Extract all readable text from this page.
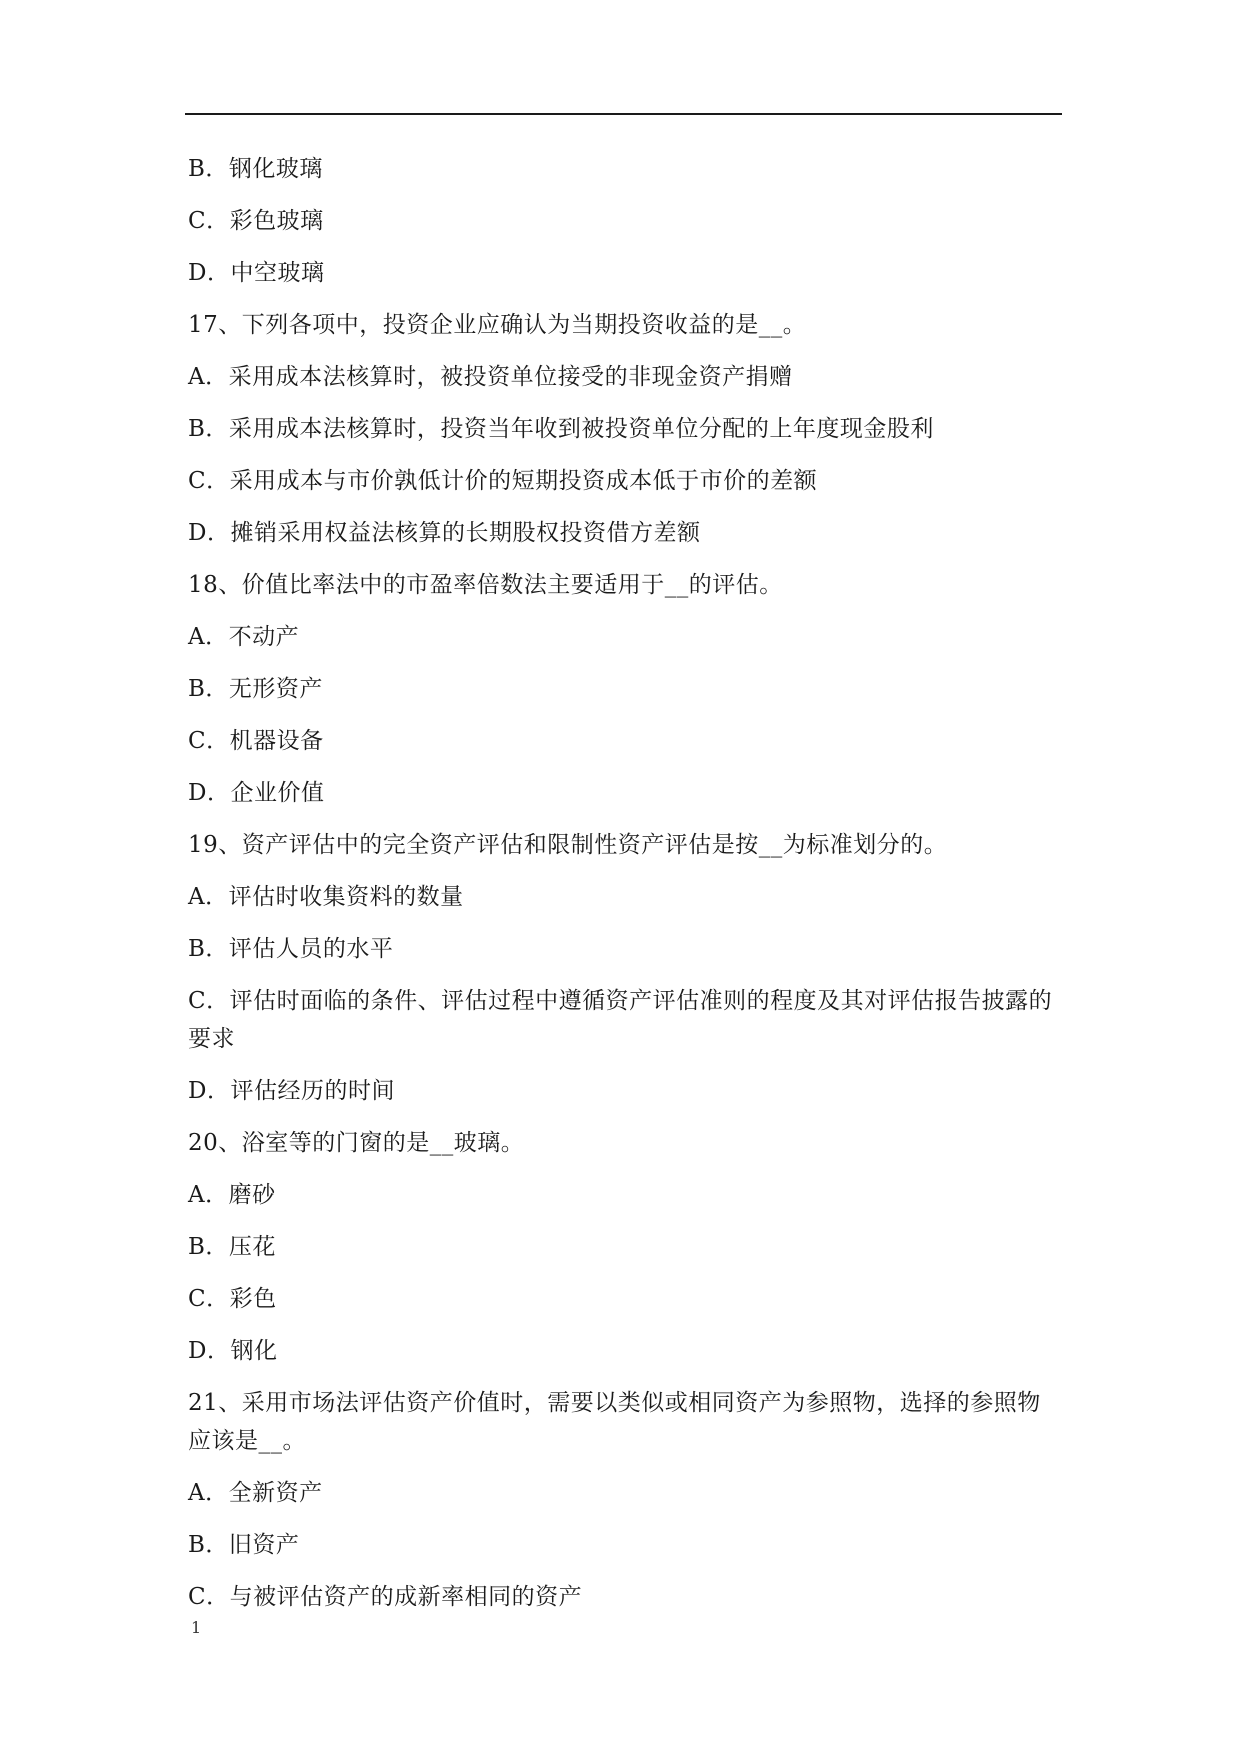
B．钢化玻璃
C．彩色玻璃
D．中空玻璃
17、下列各项中，投资企业应确认为当期投资收益的是__。
A．采用成本法核算时，被投资单位接受的非现金资产捐赠
B．采用成本法核算时，投资当年收到被投资单位分配的上年度现金股利
C．采用成本与市价孰低计价的短期投资成本低于市价的差额
D．摊销采用权益法核算的长期股权投资借方差额
18、价值比率法中的市盈率倍数法主要适用于__的评估。
A．不动产
B．无形资产
C．机器设备
D．企业价值
19、资产评估中的完全资产评估和限制性资产评估是按__为标准划分的。
A．评估时收集资料的数量
B．评估人员的水平
C．评估时面临的条件、评估过程中遵循资产评估准则的程度及其对评估报告披露的要求
D．评估经历的时间
20、浴室等的门窗的是__玻璃。
A．磨砂
B．压花
C．彩色
D．钢化
21、采用市场法评估资产价值时，需要以类似或相同资产为参照物，选择的参照物应该是__。
A．全新资产
B．旧资产
C．与被评估资产的成新率相同的资产
1
